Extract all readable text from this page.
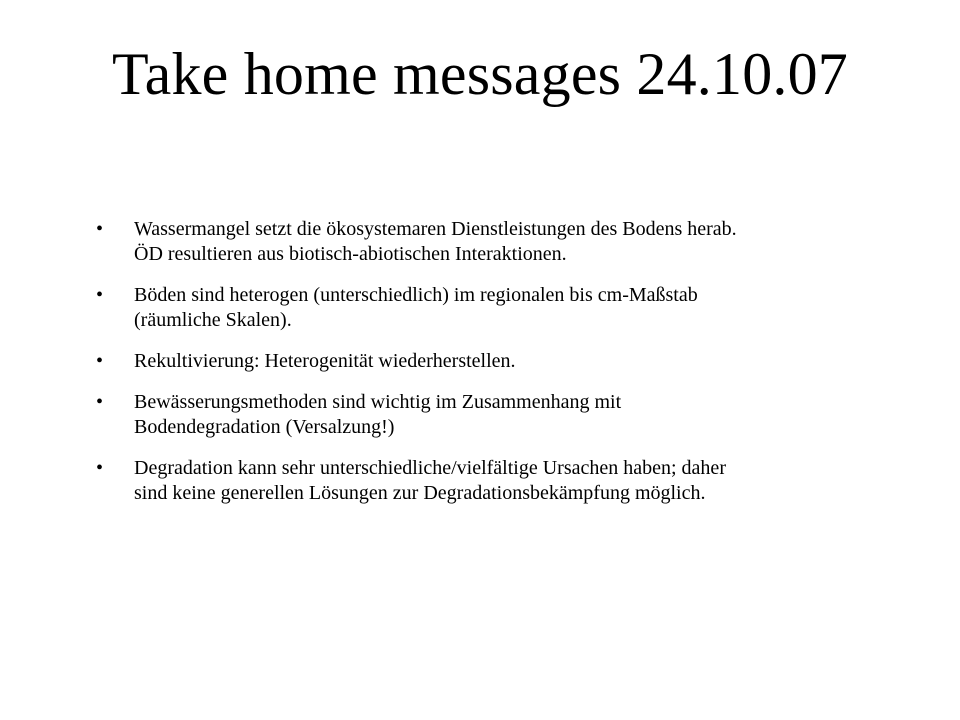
Take home messages 24.10.07
•	Wassermangel setzt die ökosystemaren Dienstleistungen des Bodens herab.
ÖD resultieren aus biotisch-abiotischen Interaktionen.
•	Böden sind heterogen (unterschiedlich) im regionalen bis cm-Maßstab
(räumliche Skalen).
•	Rekultivierung: Heterogenität wiederherstellen.
•	Bewässerungsmethoden sind wichtig im Zusammenhang mit
Bodendegradation (Versalzung!)
•	Degradation kann sehr unterschiedliche/vielfältige Ursachen haben; daher
sind keine generellen Lösungen zur Degradationsbekämpfung möglich.
